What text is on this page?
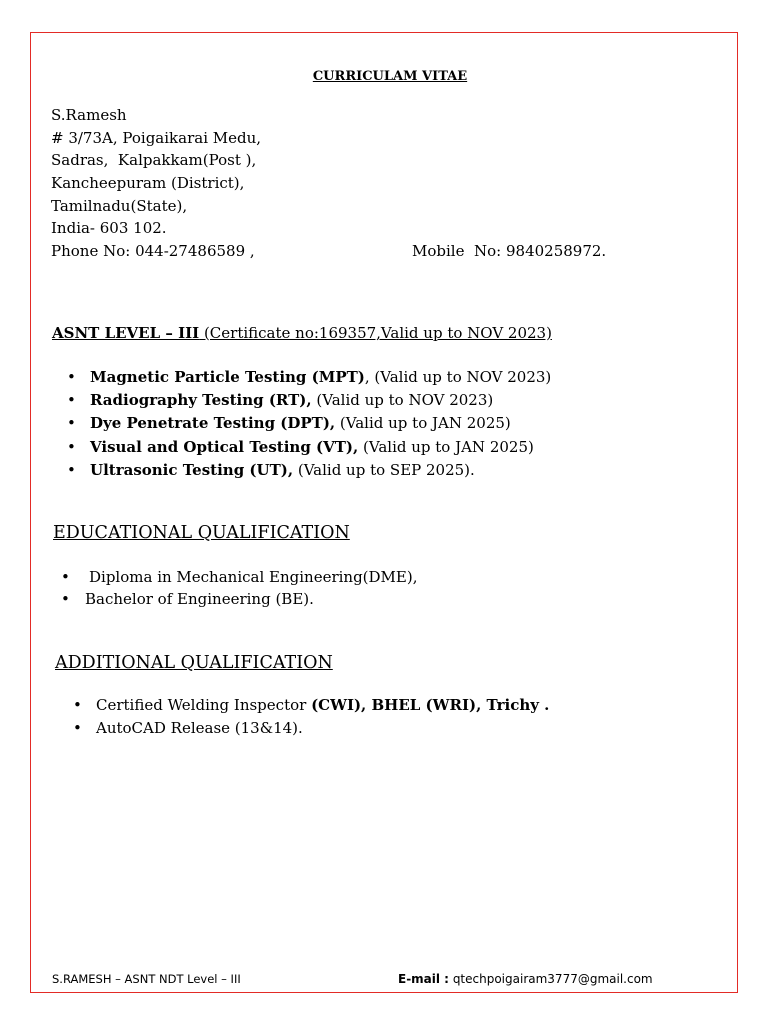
CURRICULAM VITAE
S.Ramesh
# 3/73A, Poigaikarai Medu,
Sadras,  Kalpakkam(Post ),
Kancheepuram (District),
Tamilnadu(State),
India- 603 102.
Phone No: 044-27486589 ,	Mobile  No: 9840258972.
ASNT LEVEL – III (Certificate no:169357,Valid up to NOV 2023)
• Magnetic Particle Testing (MPT), (Valid up to NOV 2023)
• Radiography Testing (RT), (Valid up to NOV 2023)
• Dye Penetrate Testing (DPT), (Valid up to JAN 2025)
• Visual and Optical Testing (VT), (Valid up to JAN 2025)
• Ultrasonic Testing (UT), (Valid up to SEP 2025).
EDUCATIONAL QUALIFICATION
• Diploma in Mechanical Engineering(DME),
• Bachelor of Engineering (BE).
ADDITIONAL QUALIFICATION
• Certified Welding Inspector (CWI), BHEL (WRI), Trichy .
• AutoCAD Release (13&14).
S.RAMESH – ASNT NDT Level – III	E-mail : qtechpoigairam3777@gmail.com
